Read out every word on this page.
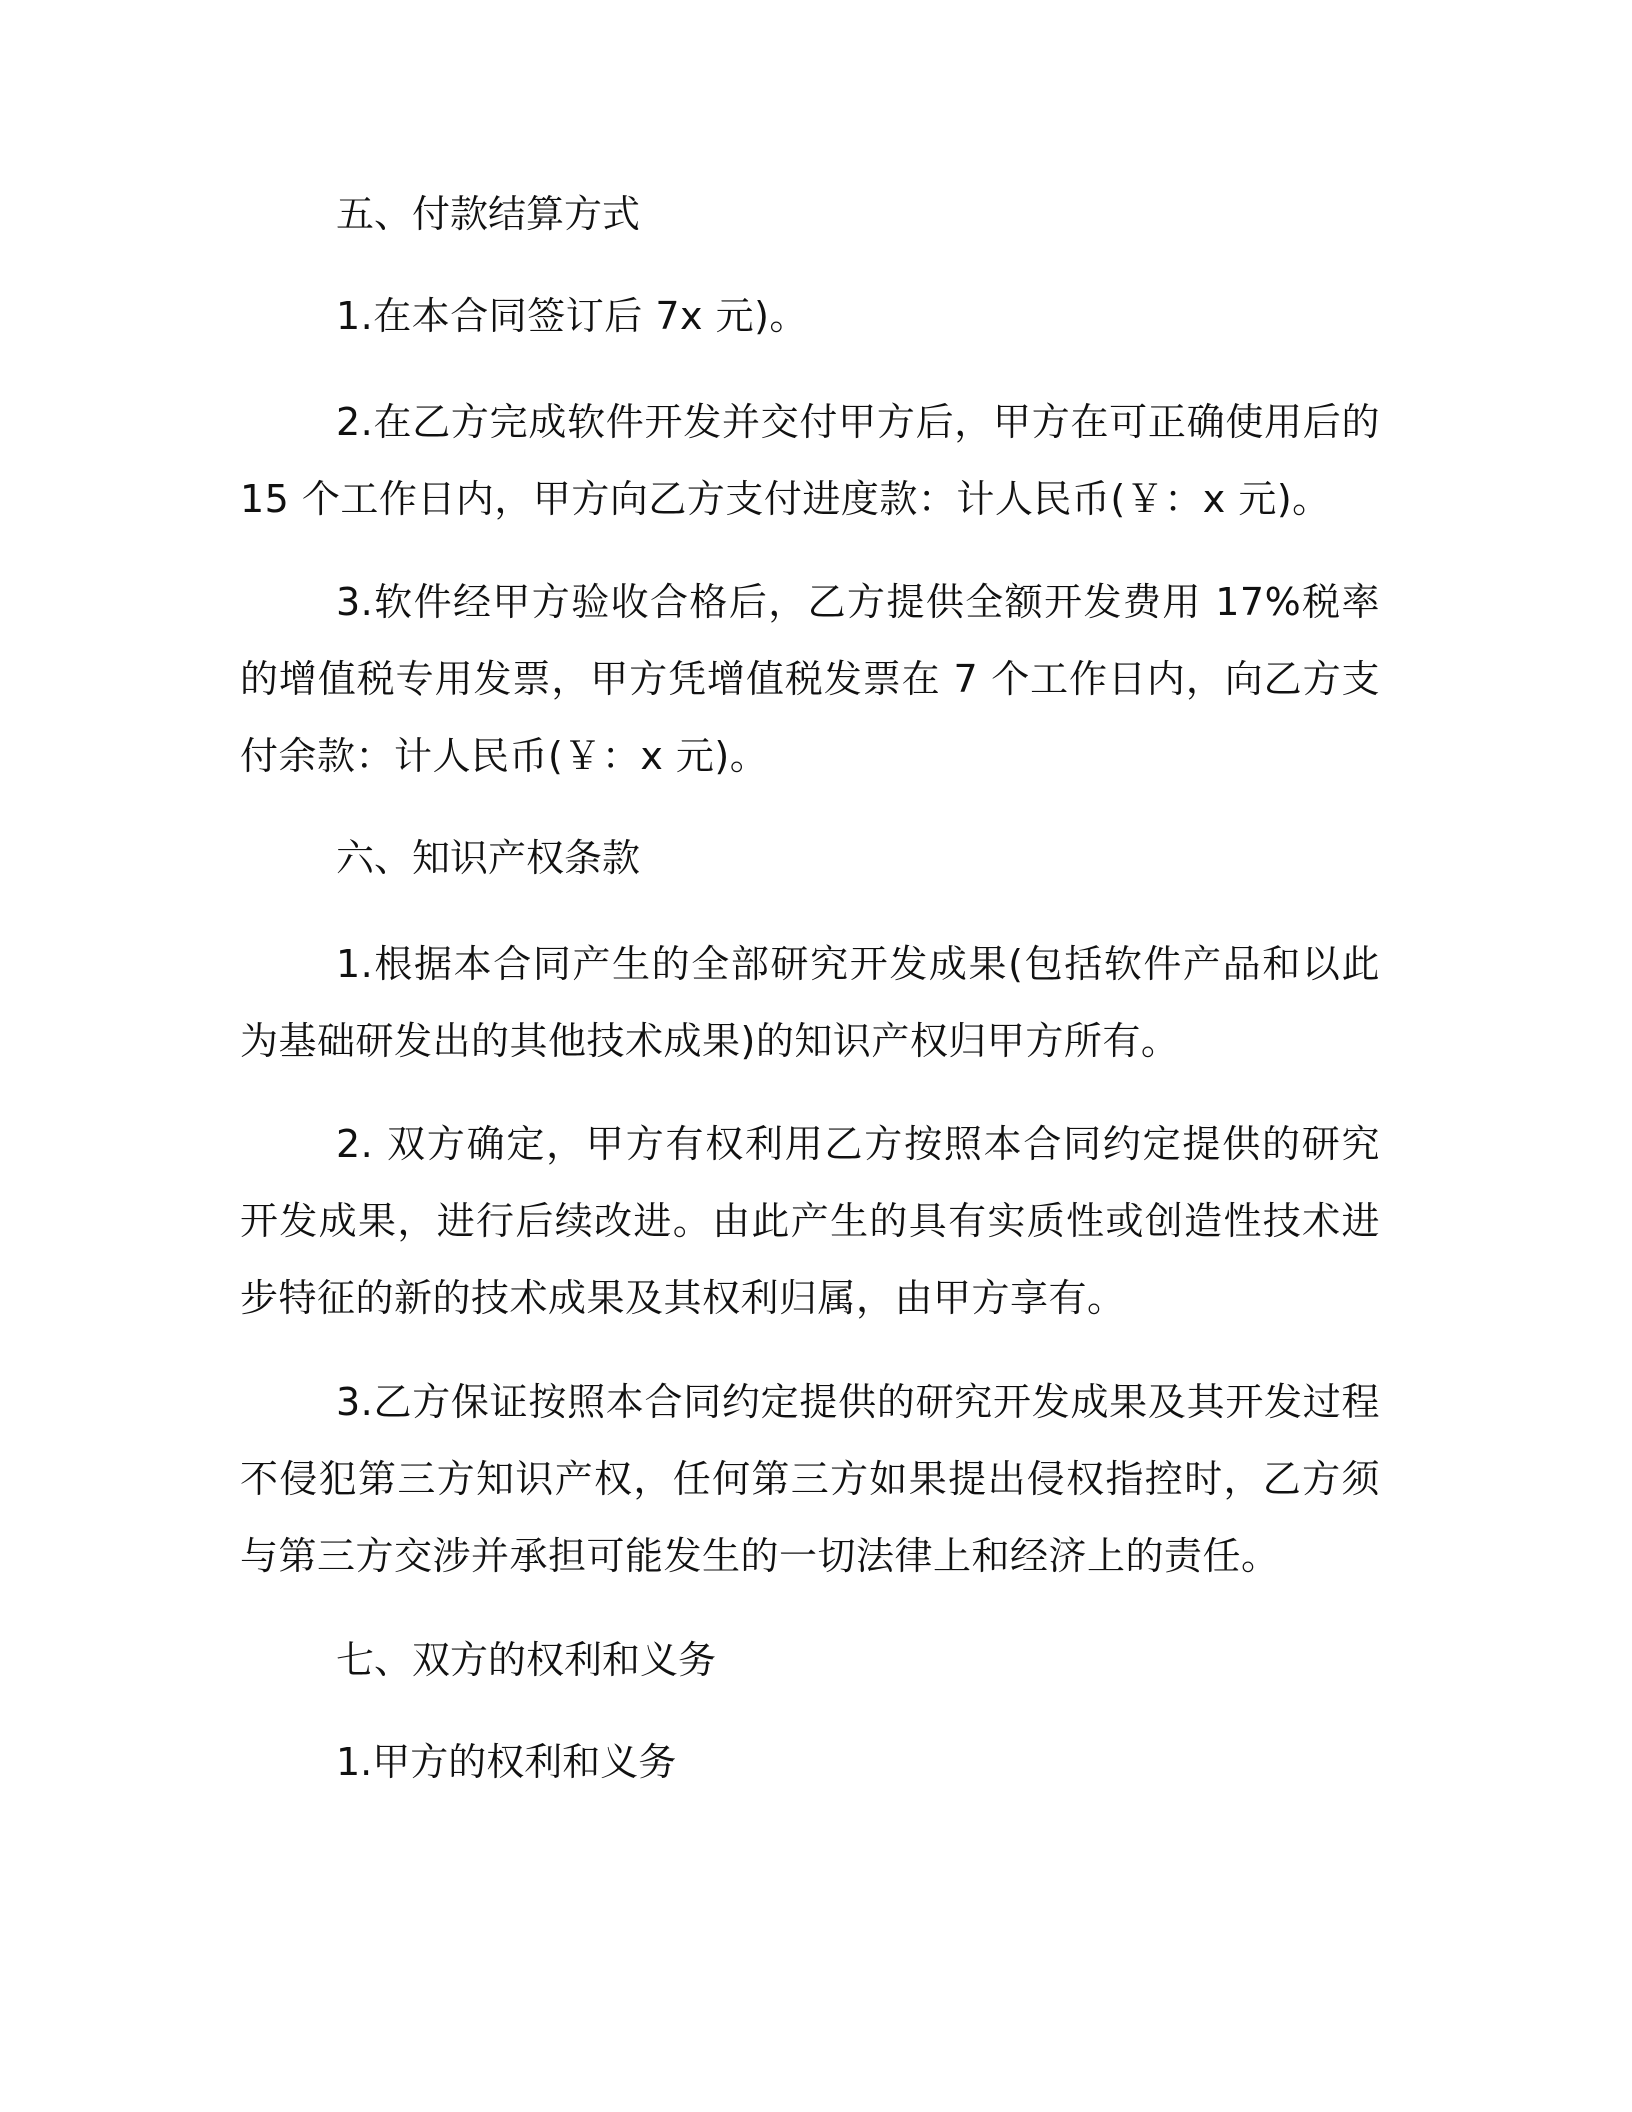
五、付款结算方式

1.在本合同签订后 7x 元)。

2.在乙方完成软件开发并交付甲方后，甲方在可正确使用后的 15 个工作日内，甲方向乙方支付进度款：计人民币(￥：x 元)。

3.软件经甲方验收合格后，乙方提供全额开发费用 17%税率的增值税专用发票，甲方凭增值税发票在 7 个工作日内，向乙方支付余款：计人民币(￥：x 元)。

六、知识产权条款

1.根据本合同产生的全部研究开发成果(包括软件产品和以此为基础研发出的其他技术成果)的知识产权归甲方所有。

2. 双方确定，甲方有权利用乙方按照本合同约定提供的研究开发成果，进行后续改进。由此产生的具有实质性或创造性技术进步特征的新的技术成果及其权利归属，由甲方享有。

3.乙方保证按照本合同约定提供的研究开发成果及其开发过程不侵犯第三方知识产权，任何第三方如果提出侵权指控时，乙方须与第三方交涉并承担可能发生的一切法律上和经济上的责任。

七、双方的权利和义务

1.甲方的权利和义务
